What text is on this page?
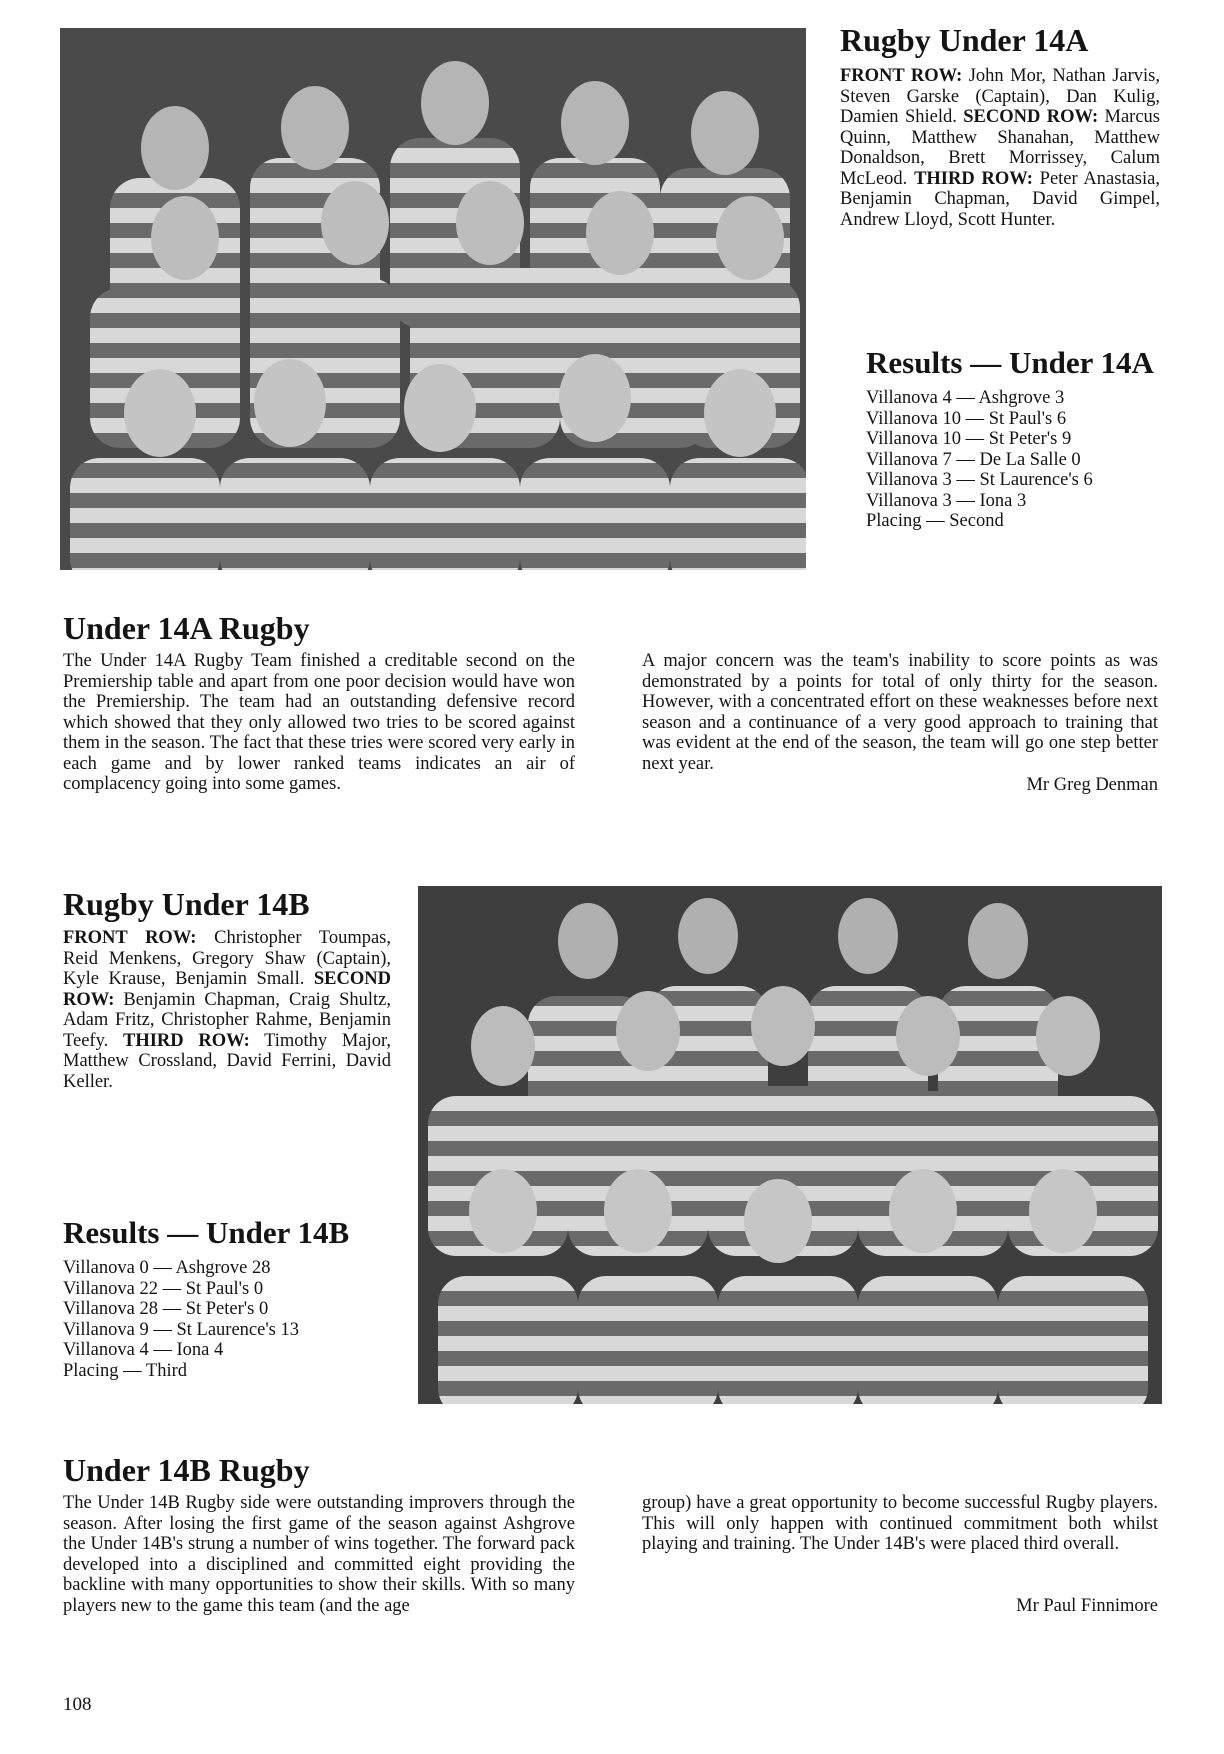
Rugby Under 14A

FRONT ROW: John Mor, Nathan Jarvis, Steven Garske (Captain), Dan Kulig, Damien Shield. SECOND ROW: Marcus Quinn, Matthew Shanahan, Matthew Donaldson, Brett Morrissey, Calum McLeod. THIRD ROW: Peter Anastasia, Benjamin Chapman, David Gimpel, Andrew Lloyd, Scott Hunter.

Results — Under 14A
Villanova 4 — Ashgrove 3
Villanova 10 — St Paul's 6
Villanova 10 — St Peter's 9
Villanova 7 — De La Salle 0
Villanova 3 — St Laurence's 6
Villanova 3 — Iona 3
Placing — Second
Under 14A Rugby

The Under 14A Rugby Team finished a creditable second on the Premiership table and apart from one poor decision would have won the Premiership. The team had an outstanding defensive record which showed that they only allowed two tries to be scored against them in the season. The fact that these tries were scored very early in each game and by lower ranked teams indicates an air of complacency going into some games.

A major concern was the team's inability to score points as was demonstrated by a points for total of only thirty for the season. However, with a concentrated effort on these weaknesses before next season and a continuance of a very good approach to training that was evident at the end of the season, the team will go one step better next year.

Mr Greg Denman

Rugby Under 14B

FRONT ROW: Christopher Toumpas, Reid Menkens, Gregory Shaw (Captain), Kyle Krause, Benjamin Small. SECOND ROW: Benjamin Chapman, Craig Shultz, Adam Fritz, Christopher Rahme, Benjamin Teefy. THIRD ROW: Timothy Major, Matthew Crossland, David Ferrini, David Keller.

Results — Under 14B
Villanova 0 — Ashgrove 28
Villanova 22 — St Paul's 0
Villanova 28 — St Peter's 0
Villanova 9 — St Laurence's 13
Villanova 4 — Iona 4
Placing — Third
Under 14B Rugby

The Under 14B Rugby side were outstanding improvers through the season. After losing the first game of the season against Ashgrove the Under 14B's strung a number of wins together. The forward pack developed into a disciplined and committed eight providing the backline with many opportunities to show their skills. With so many players new to the game this team (and the age

group) have a great opportunity to become successful Rugby players. This will only happen with continued commitment both whilst playing and training. The Under 14B's were placed third overall.

Mr Paul Finnimore

108
